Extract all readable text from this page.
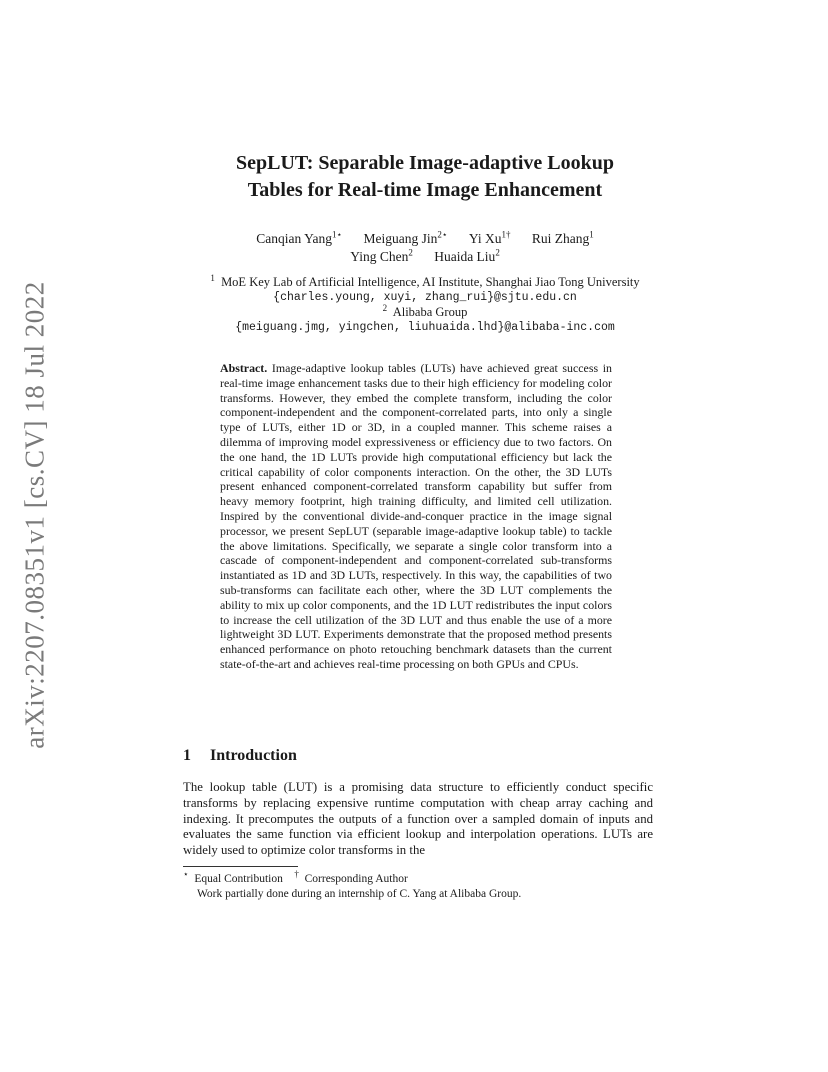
arXiv:2207.08351v1 [cs.CV] 18 Jul 2022
SepLUT: Separable Image-adaptive Lookup
Tables for Real-time Image Enhancement
Canqian Yang$^{1⋆}$ Meiguang Jin$^{2⋆}$ Yi $Xu^{1\dagger}$ Rui Zhang$^1$
Ying Chen$^2$ Huaida Liu$^2$
$^1$ MoE Key Lab of Artificial Intelligence, AI Institute, Shanghai Jiao Tong University
{charles.young, xuyi, zhang_rui}@sjtu.edu.cn
$^2$ Alibaba Group
{meiguang.jmg, yingchen, liuhuaida.lhd}@alibaba-inc.com

Abstract. Image-adaptive lookup tables (LUTs) have achieved great success in real-time image enhancement tasks due to their high efficiency for modeling color transforms. However, they embed the complete transform, including the color component-independent and the component-correlated parts, into only a single type of LUTs, either 1D or 3D, in a coupled manner. This scheme raises a dilemma of improving model expressiveness or efficiency due to two factors. On the one hand, the 1D LUTs provide high computational efficiency but lack the critical capability of color components interaction. On the other, the 3D LUTs present enhanced component-correlated transform capability but suffer from heavy memory footprint, high training difficulty, and limited cell utilization. Inspired by the conventional divide-and-conquer practice in the image signal processor, we present SepLUT (separable image-adaptive lookup table) to tackle the above limitations. Specifically, we separate a single color transform into a cascade of component-independent and component-correlated sub-transforms instantiated as 1D and 3D LUTs, respectively. In this way, the capabilities of two sub-transforms can facilitate each other, where the 3D LUT complements the ability to mix up color components, and the 1D LUT redistributes the input colors to increase the cell utilization of the 3D LUT and thus enable the use of a more lightweight 3D LUT. Experiments demonstrate that the proposed method presents enhanced performance on photo retouching benchmark datasets than the current state-of-the-art and achieves real-time processing on both GPUs and CPUs.

1 Introduction

The lookup table (LUT) is a promising data structure to efficiently conduct specific transforms by replacing expensive runtime computation with cheap array caching and indexing. It precomputes the outputs of a function over a sampled domain of inputs and evaluates the same function via efficient lookup and interpolation operations. LUTs are widely used to optimize color transforms in the

⋆ Equal Contribution † Corresponding Author
Work partially done during an internship of C. Yang at Alibaba Group.
